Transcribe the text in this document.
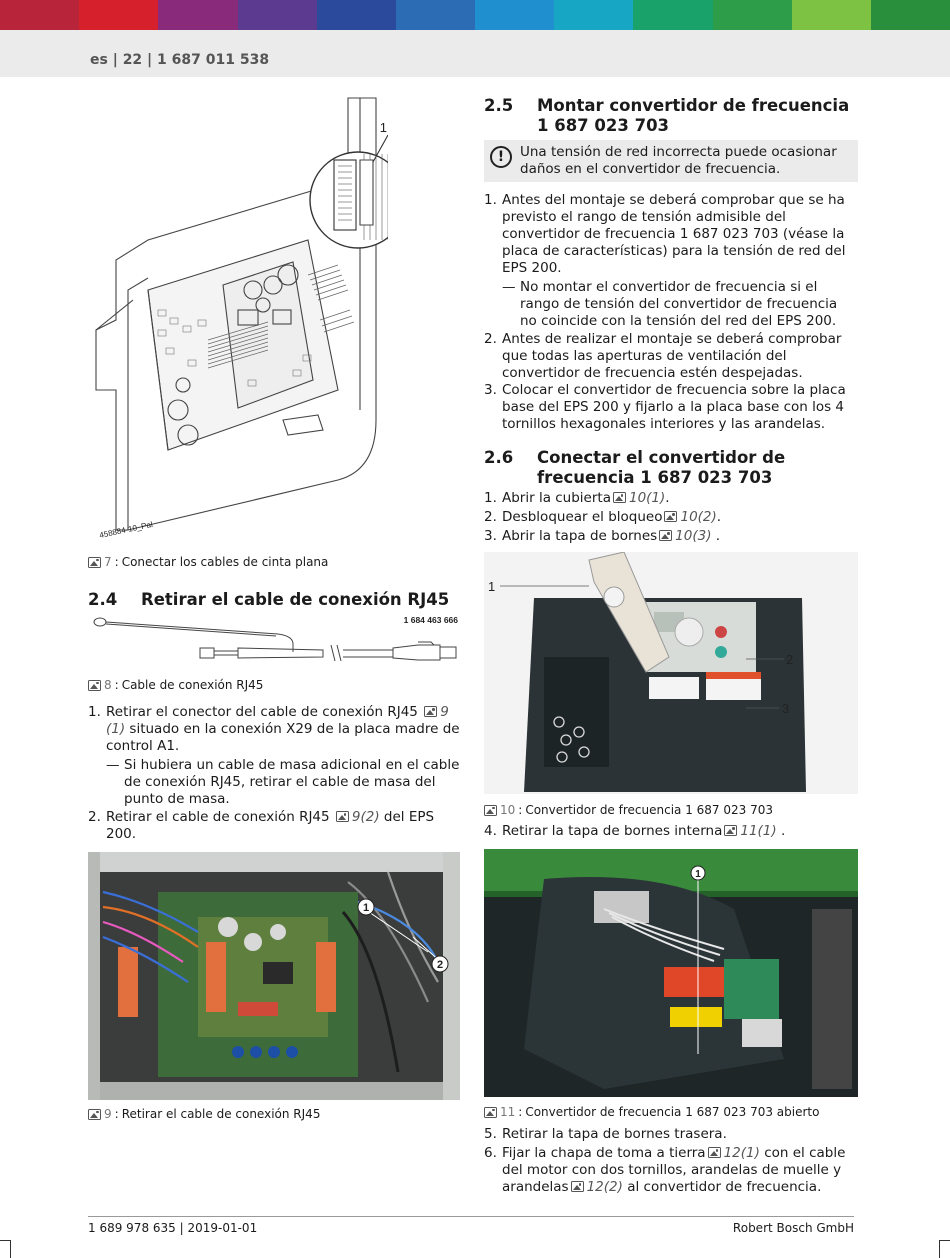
es | 22 | 1 687 011 538
1
458884-10_Pal
7 : Conectar los cables de cinta plana
2.4	Retirar el cable de conexión RJ45
1 684 463 666
8 : Cable de conexión RJ45
1. Retirar el conector del cable de conexión RJ45 9 (1) situado en la conexión X29 de la placa madre de control A1.
— Si hubiera un cable de masa adicional en el cable de conexión RJ45, retirar el cable de masa del punto de masa.
2. Retirar el cable de conexión RJ45 9(2) del EPS 200.
1
2
9 : Retirar el cable de conexión RJ45
2.5	Montar convertidor de frecuencia 1 687 023 703
!	Una tensión de red incorrecta puede ocasionar daños en el convertidor de frecuencia.
1. Antes del montaje se deberá comprobar que se ha previsto el rango de tensión admisible del convertidor de frecuencia 1 687 023 703 (véase la placa de características) para la tensión de red del EPS 200.
— No montar el convertidor de frecuencia si el rango de tensión del convertidor de frecuencia no coincide con la tensión del red del EPS 200.
2. Antes de realizar el montaje se deberá comprobar que todas las aperturas de ventilación del convertidor de frecuencia estén despejadas.
3. Colocar el convertidor de frecuencia sobre la placa base del EPS 200 y fijarlo a la placa base con los 4 tornillos hexagonales interiores y las arandelas.
2.6	Conectar el convertidor de frecuencia 1 687 023 703
1. Abrir la cubierta 10(1).
2. Desbloquear el bloqueo 10(2).
3. Abrir la tapa de bornes 10(3) .
1
2
3
10 : Convertidor de frecuencia 1 687 023 703
4. Retirar la tapa de bornes interna 11(1) .
1
11 : Convertidor de frecuencia 1 687 023 703 abierto
5. Retirar la tapa de bornes trasera.
6. Fijar la chapa de toma a tierra 12(1) con el cable del motor con dos tornillos, arandelas de muelle y arandelas 12(2) al convertidor de frecuencia.
1 689 978 635 | 2019-01-01	Robert Bosch GmbH
